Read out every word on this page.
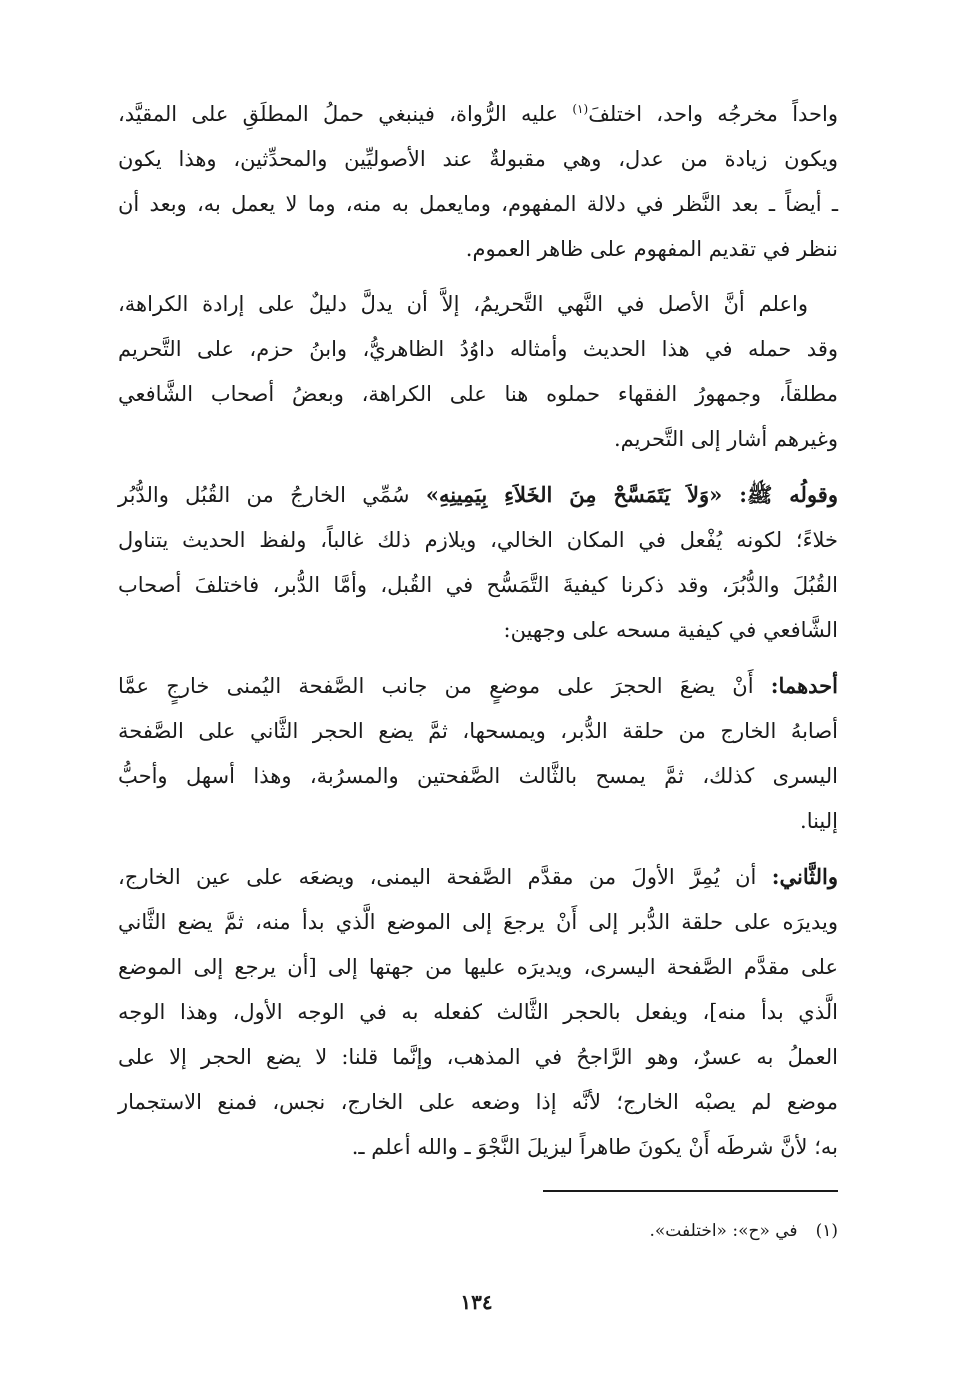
واحداً مخرجُه واحد، اختلفَ$^{(١)}$ عليه الرُّواة، فينبغي حملُ المطلَقِ على المقيَّد،
ويكون زيادة من عدل، وهي مقبولةٌ عند الأصوليِّين والمحدِّثين، وهذا يكون
ـ أيضاً ـ بعد النَّظر في دلالة المفهوم، ومايعمل به منه، وما لا يعمل به، وبعد أن
ننظر في تقديم المفهوم على ظاهر العموم.
واعلم أنَّ الأصل في النَّهي التَّحريمُ، إلاَّ أن يدلَّ دليلٌ على إرادة الكراهة،
وقد حمله في هذا الحديث وأمثاله داوُدُ الظاهريُّ، وابنُ حزم، على التَّحريم
مطلقاً، وجمهورُ الفقهاء حملوه هنا على الكراهة، وبعضُ أصحاب الشَّافعي
وغيرهم أشار إلى التَّحريم.
وقولُه ﷺ: «وَلاَ يَتَمَسَّحْ مِنَ الخَلاَءِ بِيَمِينِهِ» سُمِّي الخارجُ من القُبُل والدُّبُر
خلاءً؛ لكونه يُفْعل في المكان الخالي، ويلازم ذلك غالباً، ولفظ الحديث يتناول
القُبُلَ والدُّبُرَ، وقد ذكرنا كيفيةَ التَّمَسُّح في القُبل، وأمَّا الدُّبر، فاختلفَ أصحاب
الشَّافعي في كيفية مسحه على وجهين:
أحدهما: أَنْ يضعَ الحجرَ على موضعٍ من جانب الصَّفحة اليُمنى خارجٍ عمَّا
أصابهُ الخارج من حلقة الدُّبر، ويمسحها، ثمَّ يضع الحجر الثَّاني على الصَّفحة
اليسرى كذلك، ثمَّ يمسح بالثَّالث الصَّفحتين والمسرُبة، وهذا أسهل وأحبُّ
إلينا.
والثَّاني: أن يُمِرَّ الأولَ من مقدَّم الصَّفحة اليمنى، ويضعَه على عين الخارج،
ويديرَه على حلقة الدُّبر إلى أَنْ يرجعَ إلى الموضع الَّذي بدأ منه، ثمَّ يضع الثَّاني
على مقدَّم الصَّفحة اليسرى، ويديرَه عليها من جهتها إلى [أن يرجع إلى الموضع
الَّذي بدأ منه]، ويفعل بالحجر الثَّالث كفعله به في الوجه الأول، وهذا الوجه
العملُ به عسرٌ، وهو الرَّاجحُ في المذهب، وإنَّما قلنا: لا يضع الحجر إلا على
موضع لم يصبْه الخارج؛ لأنَّه إذا وضعه على الخارج، نجس، فمنع الاستجمار
به؛ لأنَّ شرطَه أَنْ يكونَ طاهراً ليزيلَ النَّجْوَ ـ والله أعلم ـ.
(١)في «ح»: «اختلفت».
١٣٤
